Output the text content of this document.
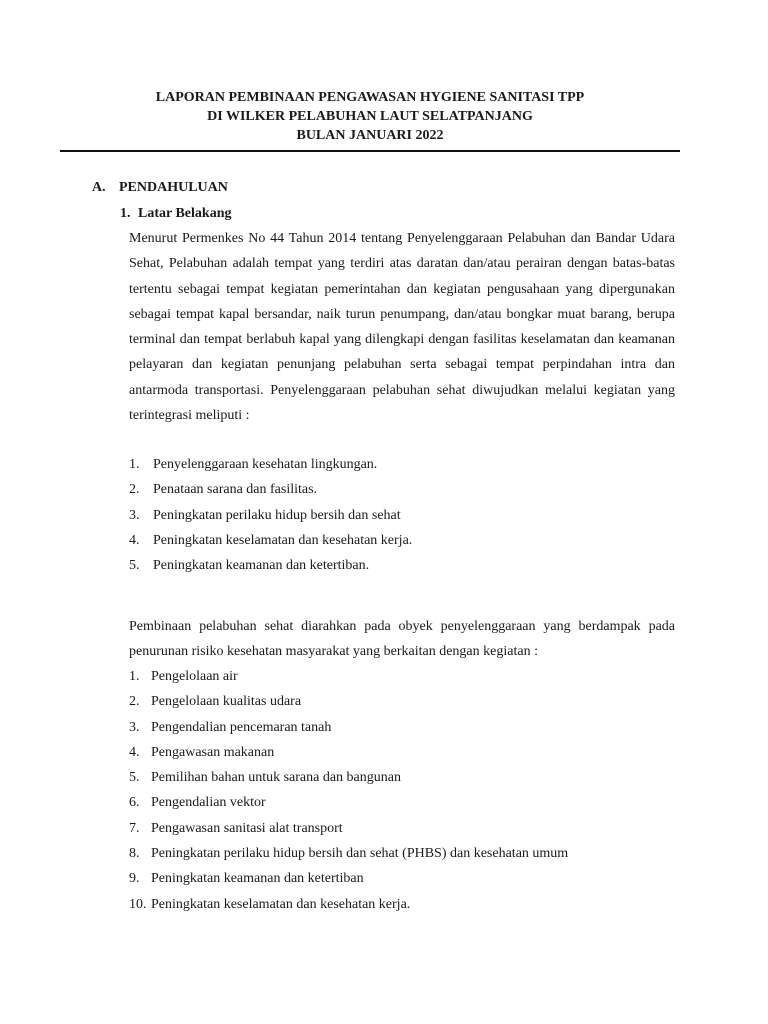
LAPORAN PEMBINAAN PENGAWASAN HYGIENE SANITASI TPP
DI WILKER PELABUHAN LAUT SELATPANJANG
BULAN JANUARI 2022
A. PENDAHULUAN
1. Latar Belakang

Menurut Permenkes No 44 Tahun 2014 tentang Penyelenggaraan Pelabuhan dan Bandar Udara Sehat, Pelabuhan adalah tempat yang terdiri atas daratan dan/atau perairan dengan batas-batas tertentu sebagai tempat kegiatan pemerintahan dan kegiatan pengusahaan yang dipergunakan sebagai tempat kapal bersandar, naik turun penumpang, dan/atau bongkar muat barang, berupa terminal dan tempat berlabuh kapal yang dilengkapi dengan fasilitas keselamatan dan keamanan pelayaran dan kegiatan penunjang pelabuhan serta sebagai tempat perpindahan intra dan antarmoda transportasi. Penyelenggaraan pelabuhan sehat diwujudkan melalui kegiatan yang terintegrasi meliputi :

1. Penyelenggaraan kesehatan lingkungan.
2. Penataan sarana dan fasilitas.
3. Peningkatan perilaku hidup bersih dan sehat
4. Peningkatan keselamatan dan kesehatan kerja.
5. Peningkatan keamanan dan ketertiban.

Pembinaan pelabuhan sehat diarahkan pada obyek penyelenggaraan yang berdampak pada penurunan risiko kesehatan masyarakat yang berkaitan dengan kegiatan :

1. Pengelolaan air
2. Pengelolaan kualitas udara
3. Pengendalian pencemaran tanah
4. Pengawasan makanan
5. Pemilihan bahan untuk sarana dan bangunan
6. Pengendalian vektor
7. Pengawasan sanitasi alat transport
8. Peningkatan perilaku hidup bersih dan sehat (PHBS) dan kesehatan umum
9. Peningkatan keamanan dan ketertiban
10. Peningkatan keselamatan dan kesehatan kerja.
